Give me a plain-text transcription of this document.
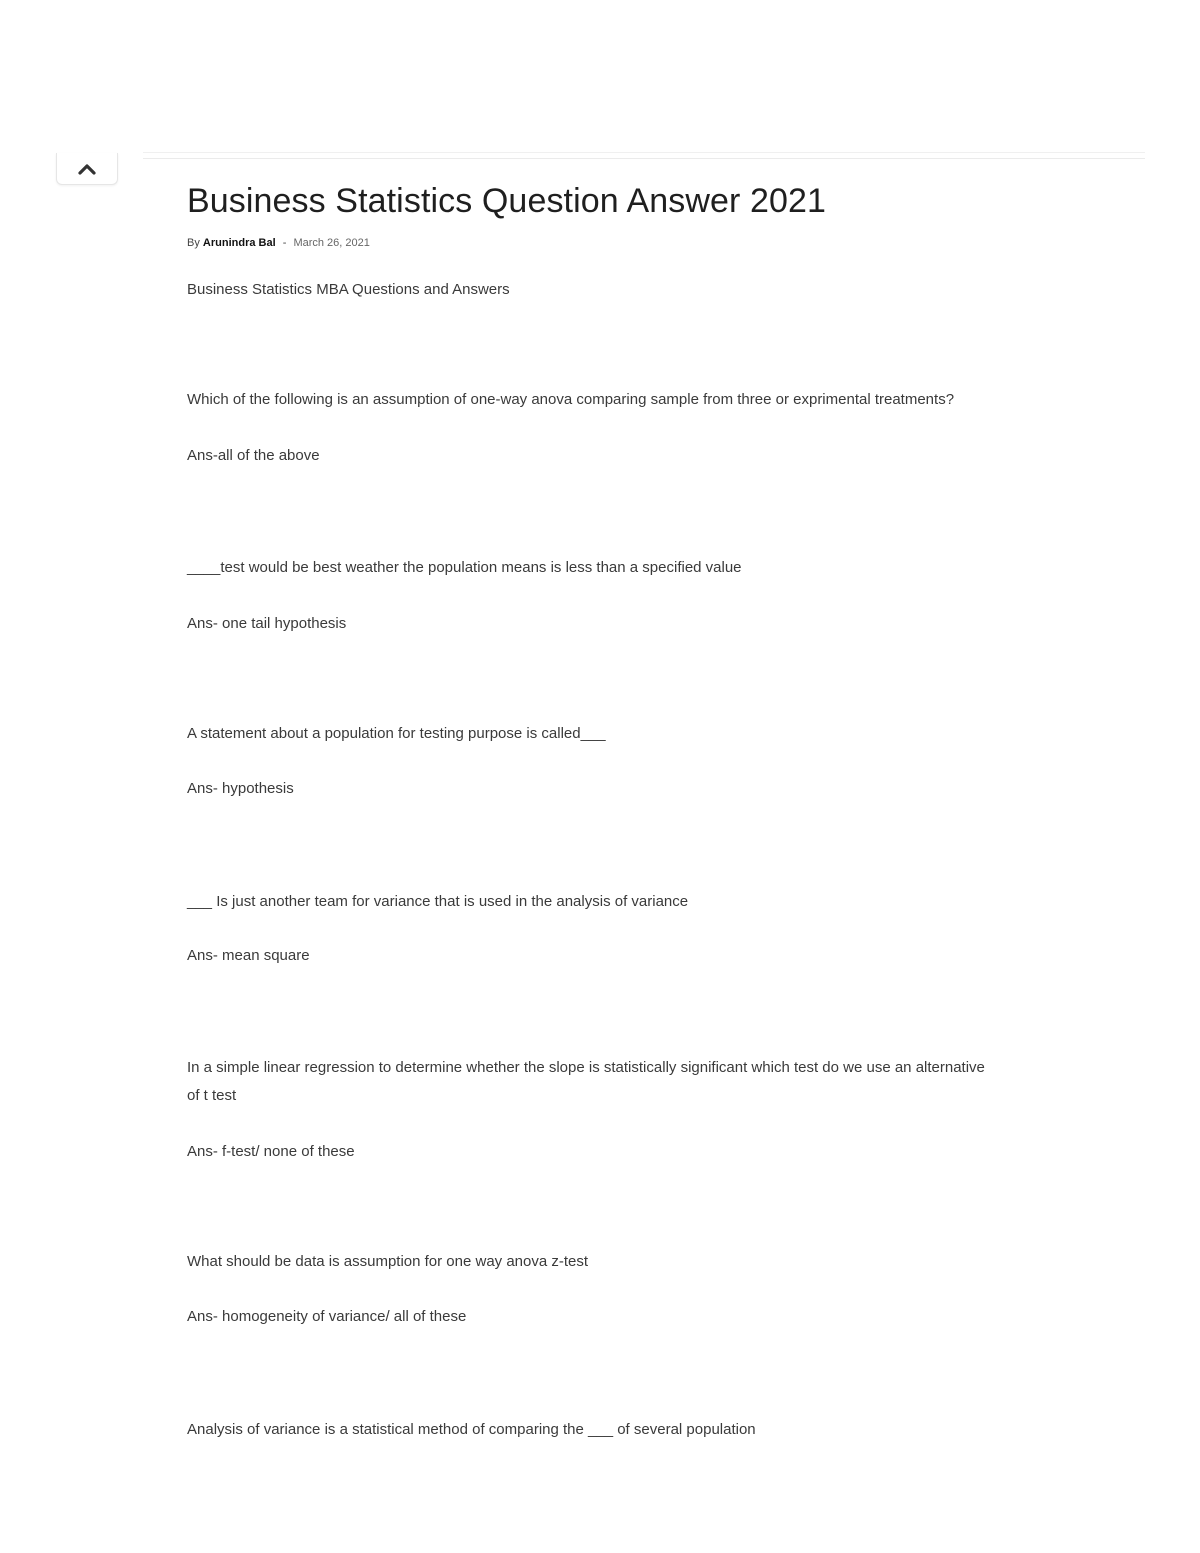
Business Statistics Question Answer 2021
By Arunindra Bal - March 26, 2021

Business Statistics MBA Questions and Answers

Which of the following is an assumption of one-way anova comparing sample from three or exprimental treatments?

Ans-all of the above

____test would be best weather the population means is less than a specified value

Ans- one tail hypothesis

A statement about a population for testing purpose is called___

Ans- hypothesis

___ Is just another team for variance that is used in the analysis of variance

Ans- mean square

In a simple linear regression to determine whether the slope is statistically significant which test do we use an alternative of t test

Ans- f-test/ none of these

What should be data is assumption for one way anova z-test

Ans- homogeneity of variance/ all of these

Analysis of variance is a statistical method of comparing the ___ of several population
